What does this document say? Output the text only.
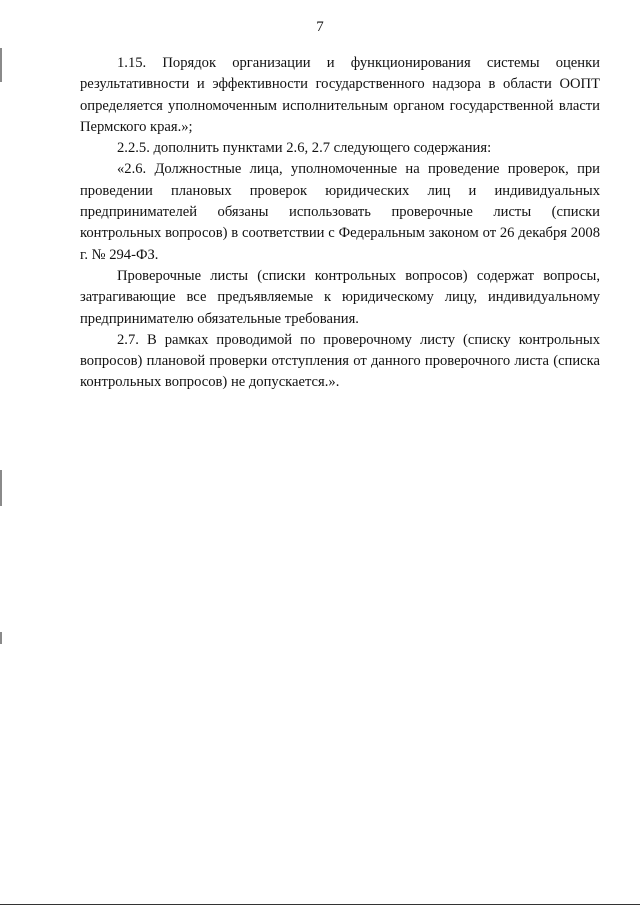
7

1.15. Порядок организации и функционирования системы оценки результативности и эффективности государственного надзора в области ООПТ определяется уполномоченным исполнительным органом государственной власти Пермского края.»;

2.2.5. дополнить пунктами 2.6, 2.7 следующего содержания:

«2.6. Должностные лица, уполномоченные на проведение проверок, при проведении плановых проверок юридических лиц и индивидуальных предпринимателей обязаны использовать проверочные листы (списки контрольных вопросов) в соответствии с Федеральным законом от 26 декабря 2008 г. № 294-ФЗ.

Проверочные листы (списки контрольных вопросов) содержат вопросы, затрагивающие все предъявляемые к юридическому лицу, индивидуальному предпринимателю обязательные требования.

2.7. В рамках проводимой по проверочному листу (списку контрольных вопросов) плановой проверки отступления от данного проверочного листа (списка контрольных вопросов) не допускается.».
